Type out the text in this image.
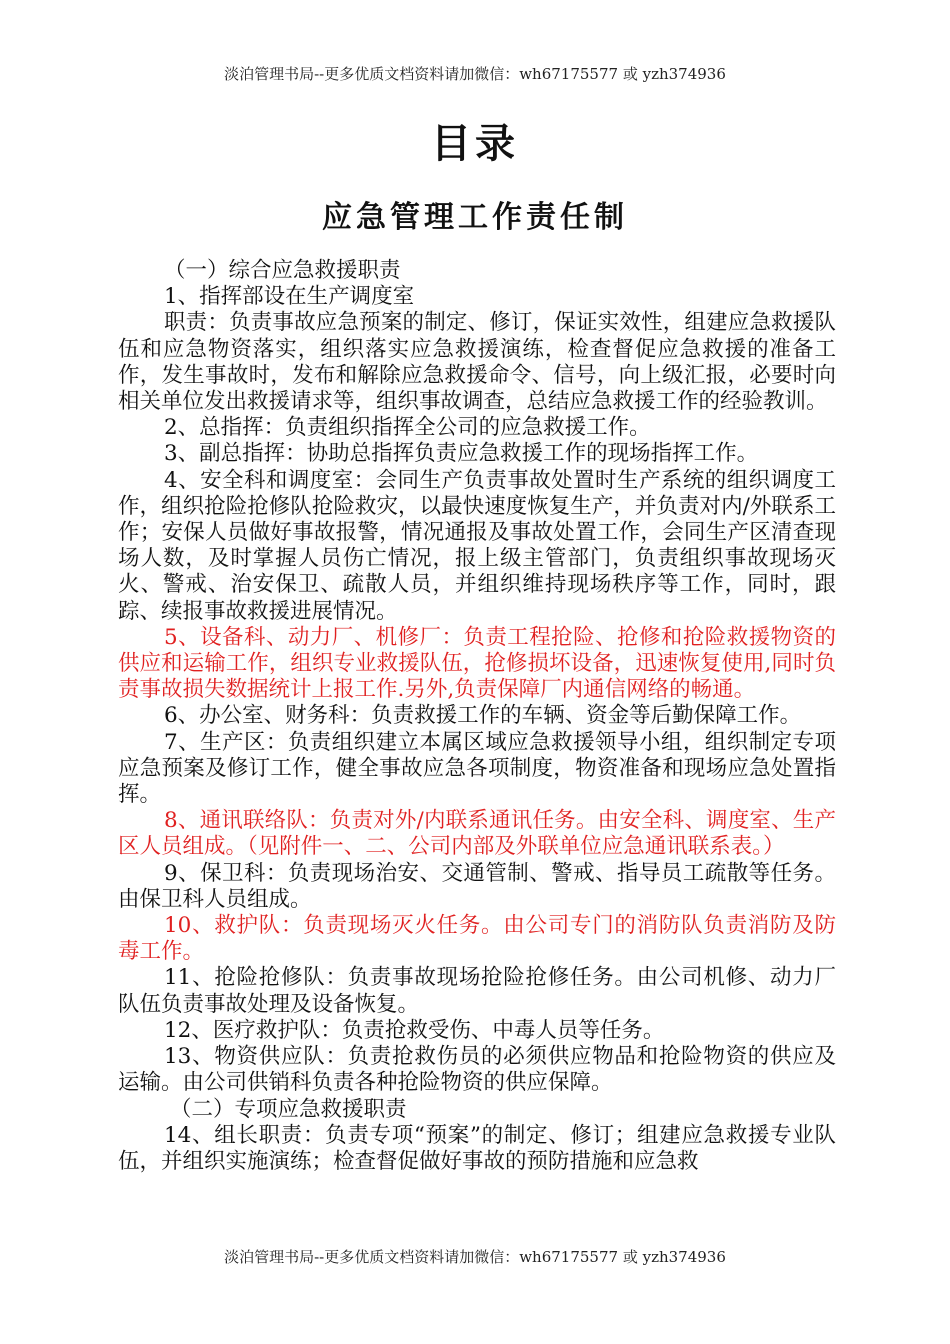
淡泊管理书局--更多优质文档资料请加微信：wh67175577 或 yzh374936
目录
应急管理工作责任制

（一）综合应急救援职责

1、指挥部设在生产调度室

职责：负责事故应急预案的制定、修订，保证实效性，组建应急救援队伍和应急物资落实，组织落实应急救援演练，检查督促应急救援的准备工作，发生事故时，发布和解除应急救援命令、信号，向上级汇报，必要时向相关单位发出救援请求等，组织事故调查，总结应急救援工作的经验教训。

2、总指挥：负责组织指挥全公司的应急救援工作。

3、副总指挥：协助总指挥负责应急救援工作的现场指挥工作。

4、安全科和调度室：会同生产负责事故处置时生产系统的组织调度工作，组织抢险抢修队抢险救灾，以最快速度恢复生产，并负责对内/外联系工作；安保人员做好事故报警，情况通报及事故处置工作，会同生产区清查现场人数，及时掌握人员伤亡情况，报上级主管部门，负责组织事故现场灭火、警戒、治安保卫、疏散人员，并组织维持现场秩序等工作，同时，跟踪、续报事故救援进展情况。

5、设备科、动力厂、机修厂：负责工程抢险、抢修和抢险救援物资的供应和运输工作，组织专业救援队伍，抢修损坏设备，迅速恢复使用,同时负责事故损失数据统计上报工作.另外,负责保障厂内通信网络的畅通。

6、办公室、财务科：负责救援工作的车辆、资金等后勤保障工作。

7、生产区：负责组织建立本属区域应急救援领导小组，组织制定专项应急预案及修订工作，健全事故应急各项制度，物资准备和现场应急处置指挥。

8、通讯联络队：负责对外/内联系通讯任务。由安全科、调度室、生产区人员组成。（见附件一、二、公司内部及外联单位应急通讯联系表。）

9、保卫科：负责现场治安、交通管制、警戒、指导员工疏散等任务。由保卫科人员组成。

10、救护队：负责现场灭火任务。由公司专门的消防队负责消防及防毒工作。

11、抢险抢修队：负责事故现场抢险抢修任务。由公司机修、动力厂队伍负责事故处理及设备恢复。

12、医疗救护队：负责抢救受伤、中毒人员等任务。

13、物资供应队：负责抢救伤员的必须供应物品和抢险物资的供应及运输。由公司供销科负责各种抢险物资的供应保障。

（二）专项应急救援职责

14、组长职责：负责专项“预案”的制定、修订；组建应急救援专业队伍，并组织实施演练；检查督促做好事故的预防措施和应急救

淡泊管理书局--更多优质文档资料请加微信：wh67175577 或 yzh374936
